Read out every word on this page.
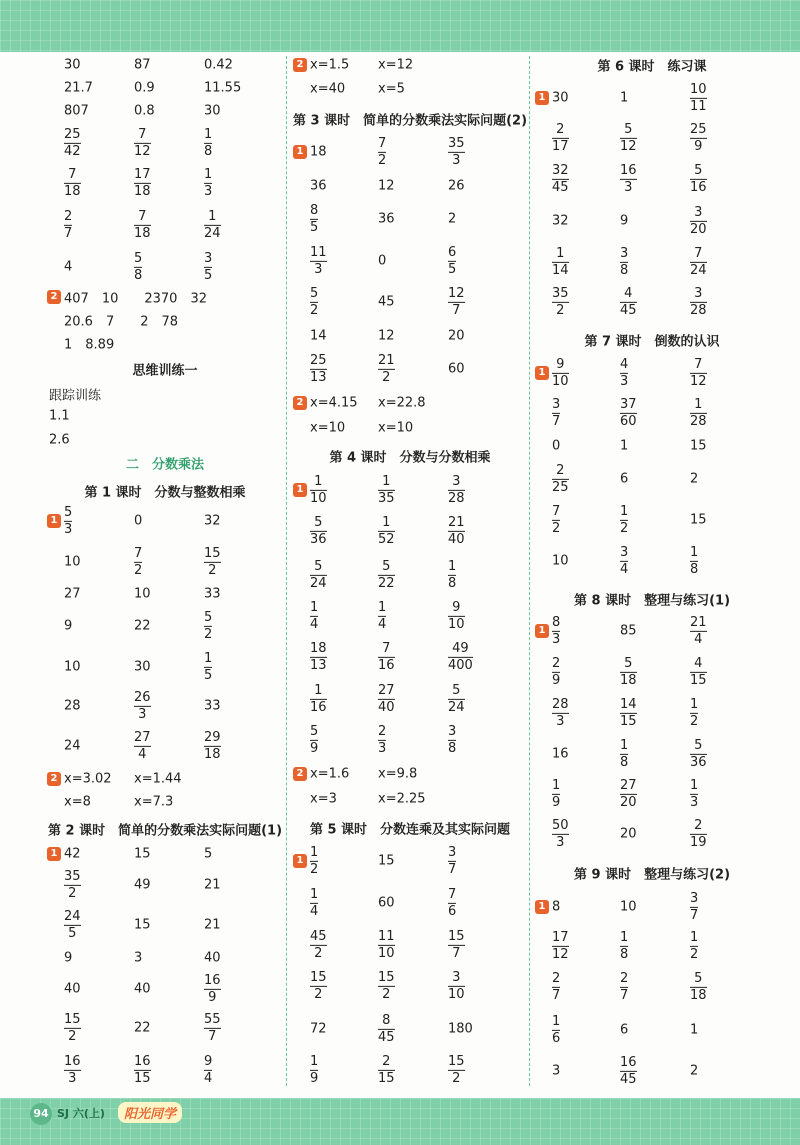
30	87	0.42
21.7	0.9	11.55
807	0.8	30
$\frac{25}{42}$	$\frac{7}{12}$	$\frac{1}{8}$
$\frac{7}{18}$	$\frac{17}{18}$	$\frac{1}{3}$
$\frac{2}{7}$	$\frac{7}{18}$	$\frac{1}{24}$
4	$\frac{5}{8}$	$\frac{3}{5}$
2 407　10　　2370　32
20.6　7　　2　78
1　8.89
思维训练一
跟踪训练
1.1
2.6
二　分数乘法
第 1 课时　分数与整数相乘
$1 \frac{5}{3}$	0	32
10	$\frac{7}{2}$	$\frac{15}{2}$
27	10	33
9	22	$\frac{5}{2}$
10	30	$\frac{1}{5}$
28	$\frac{26}{3}$	33
24	$\frac{27}{4}$	$\frac{29}{18}$
2 x=3.02 x=1.44
x=8	x=7.3
第 2 课时　简单的分数乘法实际问题(1)
1 42	15	5
$\frac{35}{2}$	49	21
$\frac{24}{5}$	15	21
9	3	40
40	40	$\frac{16}{9}$
$\frac{15}{2}$	22	$\frac{55}{7}$
$\frac{16}{3}$	$\frac{16}{15}$	$\frac{9}{4}$
2 x=1.5 x=12
x=40	x=5
第 3 课时　简单的分数乘法实际问题(2)
1 18	$\frac{7}{2}$	$\frac{35}{3}$
36	12	26
$\frac{8}{5}$	36	2
$\frac{11}{3}$	0	$\frac{6}{5}$
$\frac{5}{2}$	45	$\frac{12}{7}$
14	12	20
$\frac{25}{13}$	$\frac{21}{2}$	60
2 x=4.15 x=22.8
x=10	x=10
第 4 课时　分数与分数相乘
$1 \frac{1}{10}$	$\frac{1}{35}$	$\frac{3}{28}$
$\frac{5}{36}$	$\frac{1}{52}$	$\frac{21}{40}$
$\frac{5}{24}$	$\frac{5}{22}$	$\frac{1}{8}$
$\frac{1}{4}$	$\frac{1}{4}$	$\frac{9}{10}$
$\frac{18}{13}$	$\frac{7}{16}$	$\frac{49}{400}$
$\frac{1}{16}$	$\frac{27}{40}$	$\frac{5}{24}$
$\frac{5}{9}$	$\frac{2}{3}$	$\frac{3}{8}$
2 x=1.6 x=9.8
x=3	x=2.25
第 5 课时　分数连乘及其实际问题
$1 \frac{1}{2}$	15	$\frac{3}{7}$
$\frac{1}{4}$	60	$\frac{7}{6}$
$\frac{45}{2}$	$\frac{11}{10}$	$\frac{15}{7}$
$\frac{15}{2}$	$\frac{15}{2}$	$\frac{3}{10}$
72	$\frac{8}{45}$	180
$\frac{1}{9}$	$\frac{2}{15}$	$\frac{15}{2}$
第 6 课时　练习课
1 30	1	$\frac{10}{11}$
$\frac{2}{17}$	$\frac{5}{12}$	$\frac{25}{9}$
$\frac{32}{45}$	$\frac{16}{3}$	$\frac{5}{16}$
32	9	$\frac{3}{20}$
$\frac{1}{14}$	$\frac{3}{8}$	$\frac{7}{24}$
$\frac{35}{2}$	$\frac{4}{45}$	$\frac{3}{28}$
第 7 课时　倒数的认识
$1 \frac{9}{10}$	$\frac{4}{3}$	$\frac{7}{12}$
$\frac{3}{7}$	$\frac{37}{60}$	$\frac{1}{28}$
0	1	15
$\frac{2}{25}$	6	2
$\frac{7}{2}$	$\frac{1}{2}$	15
10	$\frac{3}{4}$	$\frac{1}{8}$
第 8 课时　整理与练习(1)
$1 \frac{8}{3}$	85	$\frac{21}{4}$
$\frac{2}{9}$	$\frac{5}{18}$	$\frac{4}{15}$
$\frac{28}{3}$	$\frac{14}{15}$	$\frac{1}{2}$
16	$\frac{1}{8}$	$\frac{5}{36}$
$\frac{1}{9}$	$\frac{27}{20}$	$\frac{1}{3}$
$\frac{50}{3}$	20	$\frac{2}{19}$
第 9 课时　整理与练习(2)
1 8	10	$\frac{3}{7}$
$\frac{17}{12}$	$\frac{1}{8}$	$\frac{1}{2}$
$\frac{2}{7}$	$\frac{2}{7}$	$\frac{5}{18}$
$\frac{1}{6}$	6	1
3	$\frac{16}{45}$	2
94 SJ 六(上)	阳光同学
